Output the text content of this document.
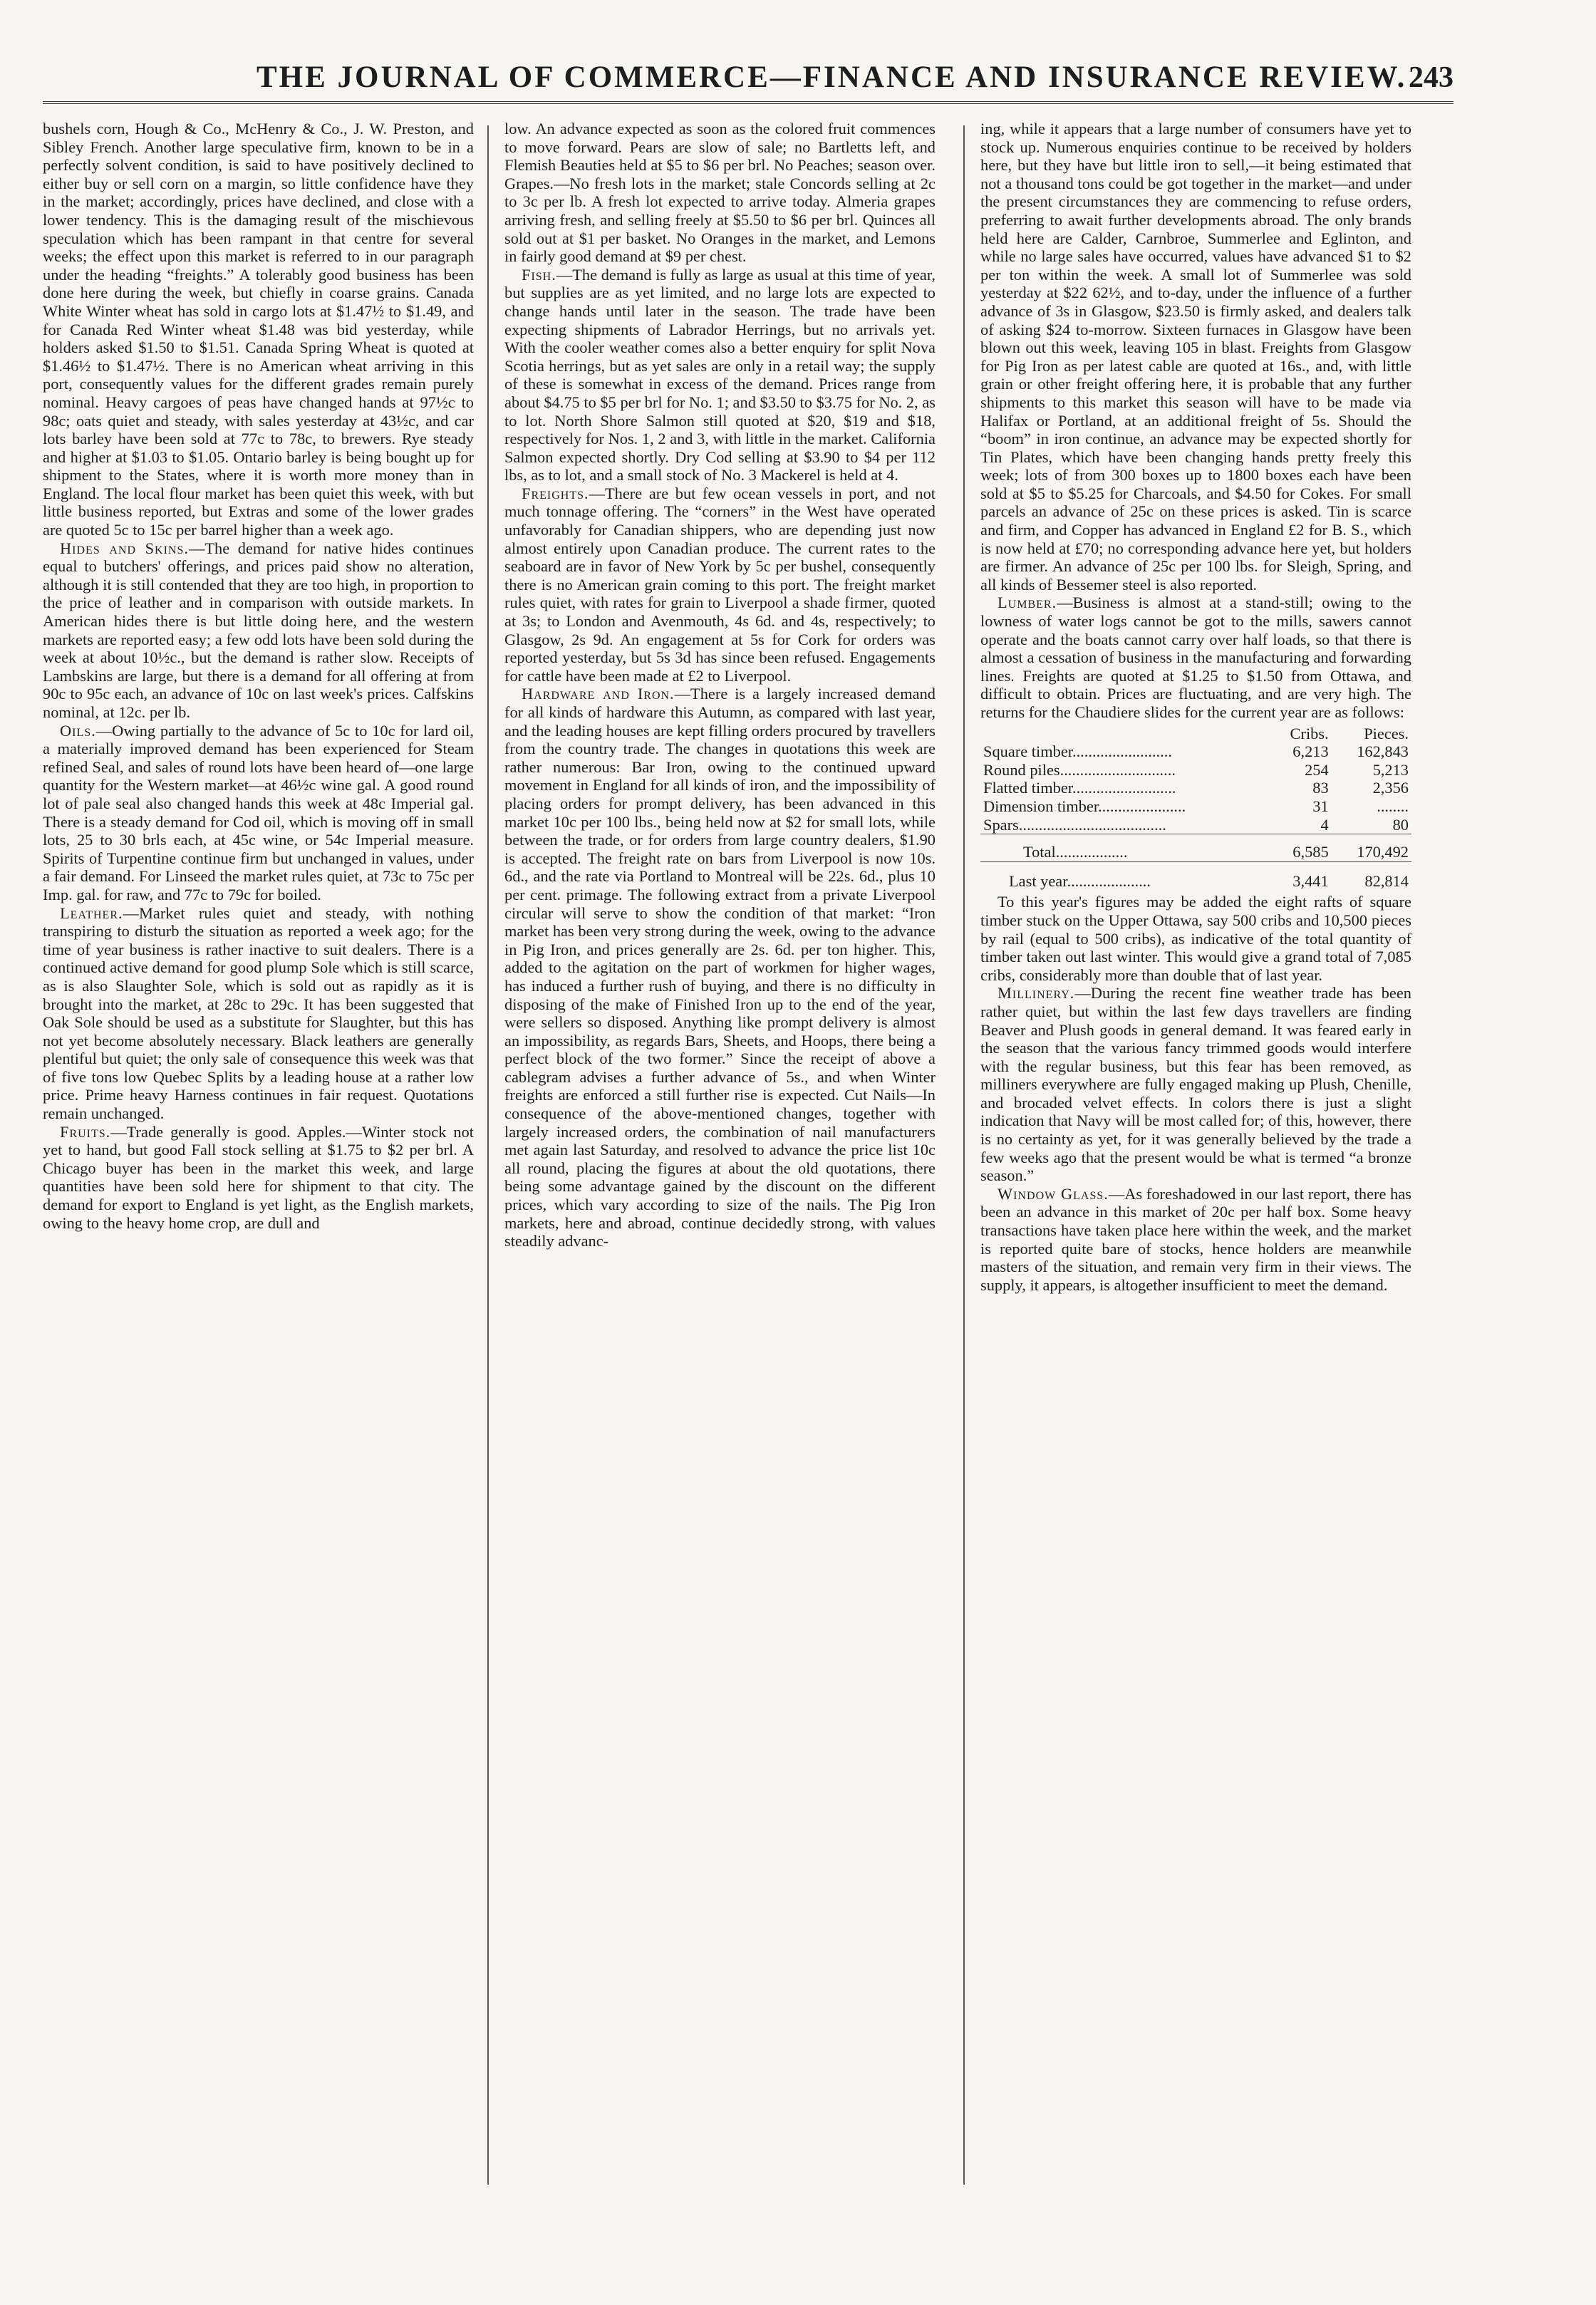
THE JOURNAL OF COMMERCE—FINANCE AND INSURANCE REVIEW. 243

bushels corn, Hough & Co., McHenry & Co., J. W. Preston, and Sibley French. Another large speculative firm, known to be in a perfectly solvent condition, is said to have positively declined to either buy or sell corn on a margin, so little confidence have they in the market; accordingly, prices have declined, and close with a lower tendency. This is the damaging result of the mischievous speculation which has been rampant in that centre for several weeks; the effect upon this market is referred to in our paragraph under the heading “freights.” A tolerably good business has been done here during the week, but chiefly in coarse grains. Canada White Winter wheat has sold in cargo lots at $1.47½ to $1.49, and for Canada Red Winter wheat $1.48 was bid yesterday, while holders asked $1.50 to $1.51. Canada Spring Wheat is quoted at $1.46½ to $1.47½. There is no American wheat arriving in this port, consequently values for the different grades remain purely nominal. Heavy cargoes of peas have changed hands at 97½c to 98c; oats quiet and steady, with sales yesterday at 43½c, and car lots barley have been sold at 77c to 78c, to brewers. Rye steady and higher at $1.03 to $1.05. Ontario barley is being bought up for shipment to the States, where it is worth more money than in England. The local flour market has been quiet this week, with but little business reported, but Extras and some of the lower grades are quoted 5c to 15c per barrel higher than a week ago.

Hides and Skins.—The demand for native hides continues equal to butchers' offerings, and prices paid show no alteration, although it is still contended that they are too high, in proportion to the price of leather and in comparison with outside markets. In American hides there is but little doing here, and the western markets are reported easy; a few odd lots have been sold during the week at about 10½c., but the demand is rather slow. Receipts of Lambskins are large, but there is a demand for all offering at from 90c to 95c each, an advance of 10c on last week's prices. Calfskins nominal, at 12c. per lb.

Oils.—Owing partially to the advance of 5c to 10c for lard oil, a materially improved demand has been experienced for Steam refined Seal, and sales of round lots have been heard of—one large quantity for the Western market—at 46½c wine gal. A good round lot of pale seal also changed hands this week at 48c Imperial gal. There is a steady demand for Cod oil, which is moving off in small lots, 25 to 30 brls each, at 45c wine, or 54c Imperial measure. Spirits of Turpentine continue firm but unchanged in values, under a fair demand. For Linseed the market rules quiet, at 73c to 75c per Imp. gal. for raw, and 77c to 79c for boiled.

Leather.—Market rules quiet and steady, with nothing transpiring to disturb the situation as reported a week ago; for the time of year business is rather inactive to suit dealers. There is a continued active demand for good plump Sole which is still scarce, as is also Slaughter Sole, which is sold out as rapidly as it is brought into the market, at 28c to 29c. It has been suggested that Oak Sole should be used as a substitute for Slaughter, but this has not yet become absolutely necessary. Black leathers are generally plentiful but quiet; the only sale of consequence this week was that of five tons low Quebec Splits by a leading house at a rather low price. Prime heavy Harness continues in fair request. Quotations remain unchanged.

Fruits.—Trade generally is good. Apples.—Winter stock not yet to hand, but good Fall stock selling at $1.75 to $2 per brl. A Chicago buyer has been in the market this week, and large quantities have been sold here for shipment to that city. The demand for export to England is yet light, as the English markets, owing to the heavy home crop, are dull and

low. An advance expected as soon as the colored fruit commences to move forward. Pears are slow of sale; no Bartletts left, and Flemish Beauties held at $5 to $6 per brl. No Peaches; season over. Grapes.—No fresh lots in the market; stale Concords selling at 2c to 3c per lb. A fresh lot expected to arrive today. Almeria grapes arriving fresh, and selling freely at $5.50 to $6 per brl. Quinces all sold out at $1 per basket. No Oranges in the market, and Lemons in fairly good demand at $9 per chest.

Fish.—The demand is fully as large as usual at this time of year, but supplies are as yet limited, and no large lots are expected to change hands until later in the season. The trade have been expecting shipments of Labrador Herrings, but no arrivals yet. With the cooler weather comes also a better enquiry for split Nova Scotia herrings, but as yet sales are only in a retail way; the supply of these is somewhat in excess of the demand. Prices range from about $4.75 to $5 per brl for No. 1; and $3.50 to $3.75 for No. 2, as to lot. North Shore Salmon still quoted at $20, $19 and $18, respectively for Nos. 1, 2 and 3, with little in the market. California Salmon expected shortly. Dry Cod selling at $3.90 to $4 per 112 lbs, as to lot, and a small stock of No. 3 Mackerel is held at 4.

Freights.—There are but few ocean vessels in port, and not much tonnage offering. The “corners” in the West have operated unfavorably for Canadian shippers, who are depending just now almost entirely upon Canadian produce. The current rates to the seaboard are in favor of New York by 5c per bushel, consequently there is no American grain coming to this port. The freight market rules quiet, with rates for grain to Liverpool a shade firmer, quoted at 3s; to London and Avenmouth, 4s 6d. and 4s, respectively; to Glasgow, 2s 9d. An engagement at 5s for Cork for orders was reported yesterday, but 5s 3d has since been refused. Engagements for cattle have been made at £2 to Liverpool.

Hardware and Iron.—There is a largely increased demand for all kinds of hardware this Autumn, as compared with last year, and the leading houses are kept filling orders procured by travellers from the country trade. The changes in quotations this week are rather numerous: Bar Iron, owing to the continued upward movement in England for all kinds of iron, and the impossibility of placing orders for prompt delivery, has been advanced in this market 10c per 100 lbs., being held now at $2 for small lots, while between the trade, or for orders from large country dealers, $1.90 is accepted. The freight rate on bars from Liverpool is now 10s. 6d., and the rate via Portland to Montreal will be 22s. 6d., plus 10 per cent. primage. The following extract from a private Liverpool circular will serve to show the condition of that market: “Iron market has been very strong during the week, owing to the advance in Pig Iron, and prices generally are 2s. 6d. per ton higher. This, added to the agitation on the part of workmen for higher wages, has induced a further rush of buying, and there is no difficulty in disposing of the make of Finished Iron up to the end of the year, were sellers so disposed. Anything like prompt delivery is almost an impossibility, as regards Bars, Sheets, and Hoops, there being a perfect block of the two former.” Since the receipt of above a cablegram advises a further advance of 5s., and when Winter freights are enforced a still further rise is expected. Cut Nails—In consequence of the above-mentioned changes, together with largely increased orders, the combination of nail manufacturers met again last Saturday, and resolved to advance the price list 10c all round, placing the figures at about the old quotations, there being some advantage gained by the discount on the different prices, which vary according to size of the nails. The Pig Iron markets, here and abroad, continue decidedly strong, with values steadily advanc-

ing, while it appears that a large number of consumers have yet to stock up. Numerous enquiries continue to be received by holders here, but they have but little iron to sell,—it being estimated that not a thousand tons could be got together in the market—and under the present circumstances they are commencing to refuse orders, preferring to await further developments abroad. The only brands held here are Calder, Carnbroe, Summerlee and Eglinton, and while no large sales have occurred, values have advanced $1 to $2 per ton within the week. A small lot of Summerlee was sold yesterday at $22 62½, and to-day, under the influence of a further advance of 3s in Glasgow, $23.50 is firmly asked, and dealers talk of asking $24 to-morrow. Sixteen furnaces in Glasgow have been blown out this week, leaving 105 in blast. Freights from Glasgow for Pig Iron as per latest cable are quoted at 16s., and, with little grain or other freight offering here, it is probable that any further shipments to this market this season will have to be made via Halifax or Portland, at an additional freight of 5s. Should the “boom” in iron continue, an advance may be expected shortly for Tin Plates, which have been changing hands pretty freely this week; lots of from 300 boxes up to 1800 boxes each have been sold at $5 to $5.25 for Charcoals, and $4.50 for Cokes. For small parcels an advance of 25c on these prices is asked. Tin is scarce and firm, and Copper has advanced in England £2 for B. S., which is now held at £70; no corresponding advance here yet, but holders are firmer. An advance of 25c per 100 lbs. for Sleigh, Spring, and all kinds of Bessemer steel is also reported.

Lumber.—Business is almost at a stand-still; owing to the lowness of water logs cannot be got to the mills, sawers cannot operate and the boats cannot carry over half loads, so that there is almost a cessation of business in the manufacturing and forwarding lines. Freights are quoted at $1.25 to $1.50 from Ottawa, and difficult to obtain. Prices are fluctuating, and are very high. The returns for the Chaudiere slides for the current year are as follows:

	Cribs.	Pieces.
Square timber.........................	6,213	162,843
Round piles.............................	254	5,213
Flatted timber..........................	83	2,356
Dimension timber......................	31	........
Spars.....................................	4	80
Total..................	6,585	170,492
Last year.....................	3,441	82,814

To this year's figures may be added the eight rafts of square timber stuck on the Upper Ottawa, say 500 cribs and 10,500 pieces by rail (equal to 500 cribs), as indicative of the total quantity of timber taken out last winter. This would give a grand total of 7,085 cribs, considerably more than double that of last year.

Millinery.—During the recent fine weather trade has been rather quiet, but within the last few days travellers are finding Beaver and Plush goods in general demand. It was feared early in the season that the various fancy trimmed goods would interfere with the regular business, but this fear has been removed, as milliners everywhere are fully engaged making up Plush, Chenille, and brocaded velvet effects. In colors there is just a slight indication that Navy will be most called for; of this, however, there is no certainty as yet, for it was generally believed by the trade a few weeks ago that the present would be what is termed “a bronze season.”

Window Glass.—As foreshadowed in our last report, there has been an advance in this market of 20c per half box. Some heavy transactions have taken place here within the week, and the market is reported quite bare of stocks, hence holders are meanwhile masters of the situation, and remain very firm in their views. The supply, it appears, is altogether insufficient to meet the demand.
